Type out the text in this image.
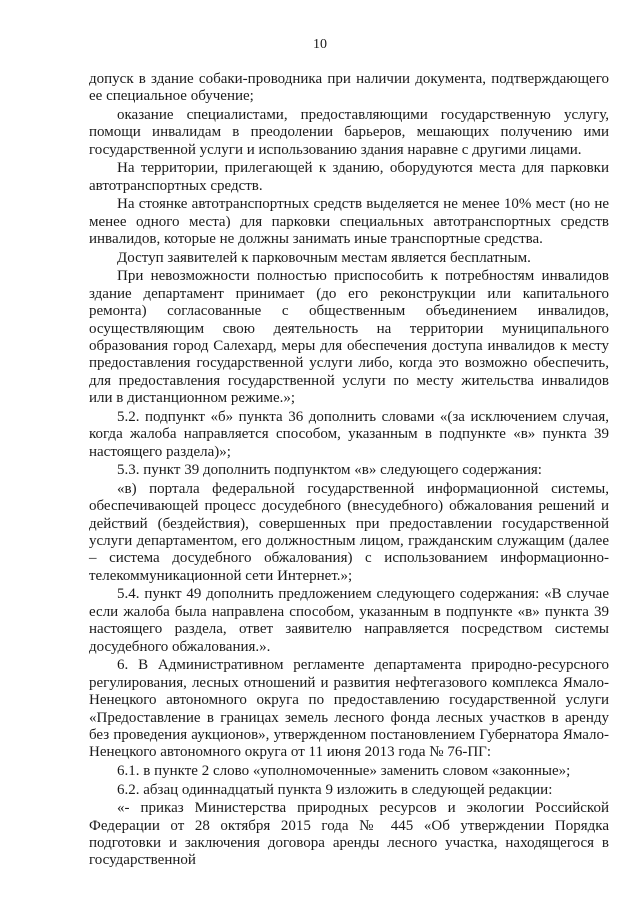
10

допуск в здание собаки-проводника при наличии документа, подтверждающего ее специальное обучение;

оказание специалистами, предоставляющими государственную услугу, помощи инвалидам в преодолении барьеров, мешающих получению ими государственной услуги и использованию здания наравне с другими лицами.

На территории, прилегающей к зданию, оборудуются места для парковки автотранспортных средств.

На стоянке автотранспортных средств выделяется не менее 10% мест (но не менее одного места) для парковки специальных автотранспортных средств инвалидов, которые не должны занимать иные транспортные средства.

Доступ заявителей к парковочным местам является бесплатным.

При невозможности полностью приспособить к потребностям инвалидов здание департамент принимает (до его реконструкции или капитального ремонта) согласованные с общественным объединением инвалидов, осуществляющим свою деятельность на территории муниципального образования город Салехард, меры для обеспечения доступа инвалидов к месту предоставления государственной услуги либо, когда это возможно обеспечить, для предоставления государственной услуги по месту жительства инвалидов или в дистанционном режиме.»;

5.2. подпункт «б» пункта 36 дополнить словами «(за исключением случая, когда жалоба направляется способом, указанным в подпункте «в» пункта 39 настоящего раздела)»;

5.3. пункт 39 дополнить подпунктом «в» следующего содержания:

«в) портала федеральной государственной информационной системы, обеспечивающей процесс досудебного (внесудебного) обжалования решений и действий (бездействия), совершенных при предоставлении государственной услуги департаментом, его должностным лицом, гражданским служащим (далее – система досудебного обжалования) с использованием информационно-телекоммуникационной сети Интернет.»;

5.4. пункт 49 дополнить предложением следующего содержания: «В случае если жалоба была направлена способом, указанным в подпункте «в» пункта 39 настоящего раздела, ответ заявителю направляется посредством системы досудебного обжалования.».

6. В Административном регламенте департамента природно-ресурсного регулирования, лесных отношений и развития нефтегазового комплекса Ямало-Ненецкого автономного округа по предоставлению государственной услуги «Предоставление в границах земель лесного фонда лесных участков в аренду без проведения аукционов», утвержденном постановлением Губернатора Ямало-Ненецкого автономного округа от 11 июня 2013 года № 76-ПГ:

6.1. в пункте 2 слово «уполномоченные» заменить словом «законные»;

6.2. абзац одиннадцатый пункта 9 изложить в следующей редакции:

«- приказ Министерства природных ресурсов и экологии Российской Федерации от 28 октября 2015 года № 445 «Об утверждении Порядка подготовки и заключения договора аренды лесного участка, находящегося в государственной
